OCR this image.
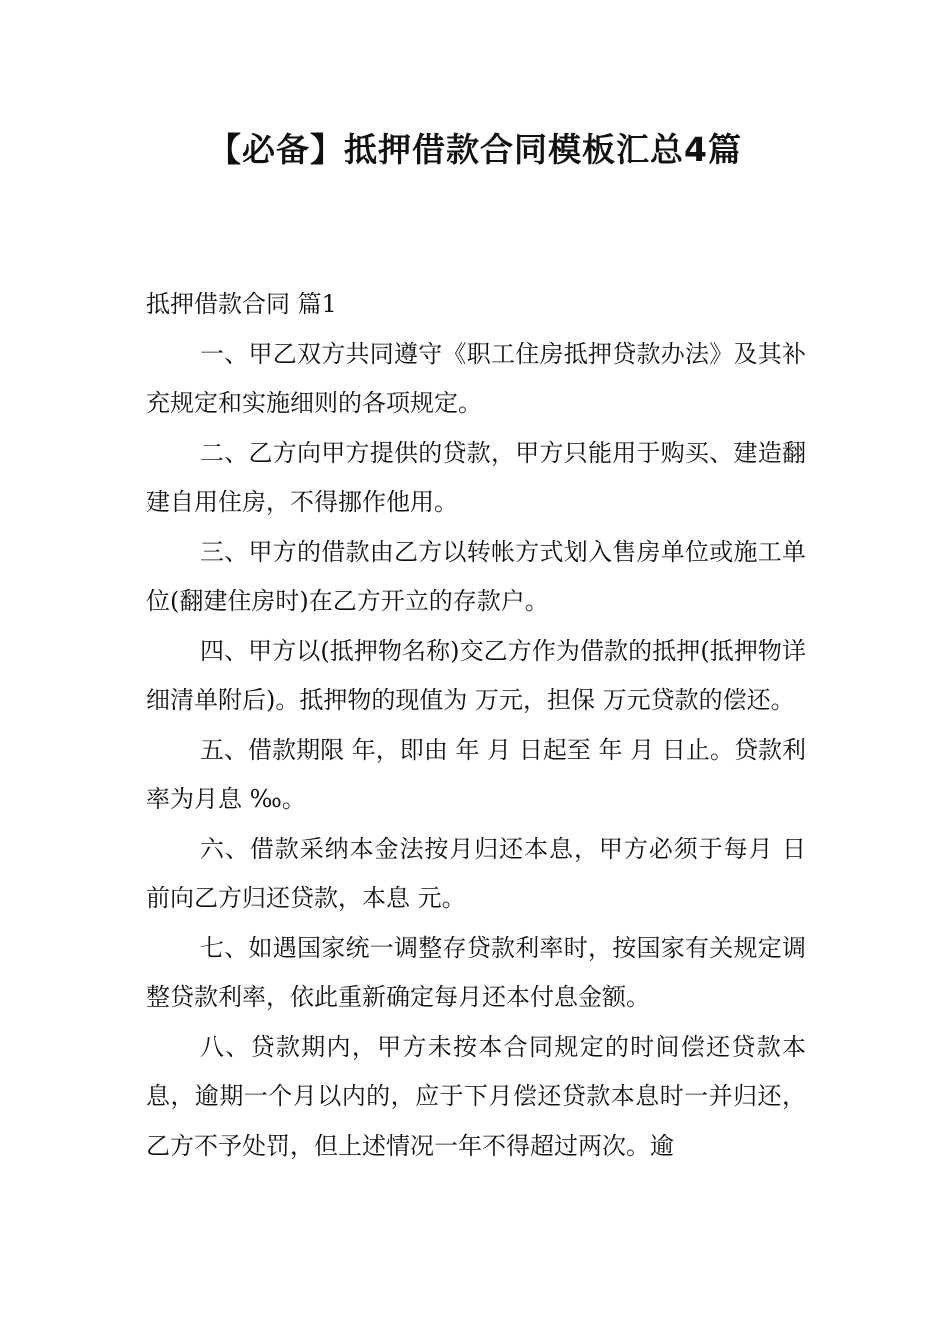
【必备】抵押借款合同模板汇总4篇

抵押借款合同 篇1

一、甲乙双方共同遵守《职工住房抵押贷款办法》及其补充规定和实施细则的各项规定。

二、乙方向甲方提供的贷款，甲方只能用于购买、建造翻建自用住房，不得挪作他用。

三、甲方的借款由乙方以转帐方式划入售房单位或施工单位(翻建住房时)在乙方开立的存款户。

四、甲方以(抵押物名称)交乙方作为借款的抵押(抵押物详细清单附后)。抵押物的现值为 万元，担保 万元贷款的偿还。

五、借款期限 年，即由 年 月 日起至 年 月 日止。贷款利率为月息 ‰。

六、借款采纳本金法按月归还本息，甲方必须于每月 日前向乙方归还贷款，本息 元。

七、如遇国家统一调整存贷款利率时，按国家有关规定调整贷款利率，依此重新确定每月还本付息金额。

八、贷款期内，甲方未按本合同规定的时间偿还贷款本息，逾期一个月以内的，应于下月偿还贷款本息时一并归还，乙方不予处罚，但上述情况一年不得超过两次。逾
